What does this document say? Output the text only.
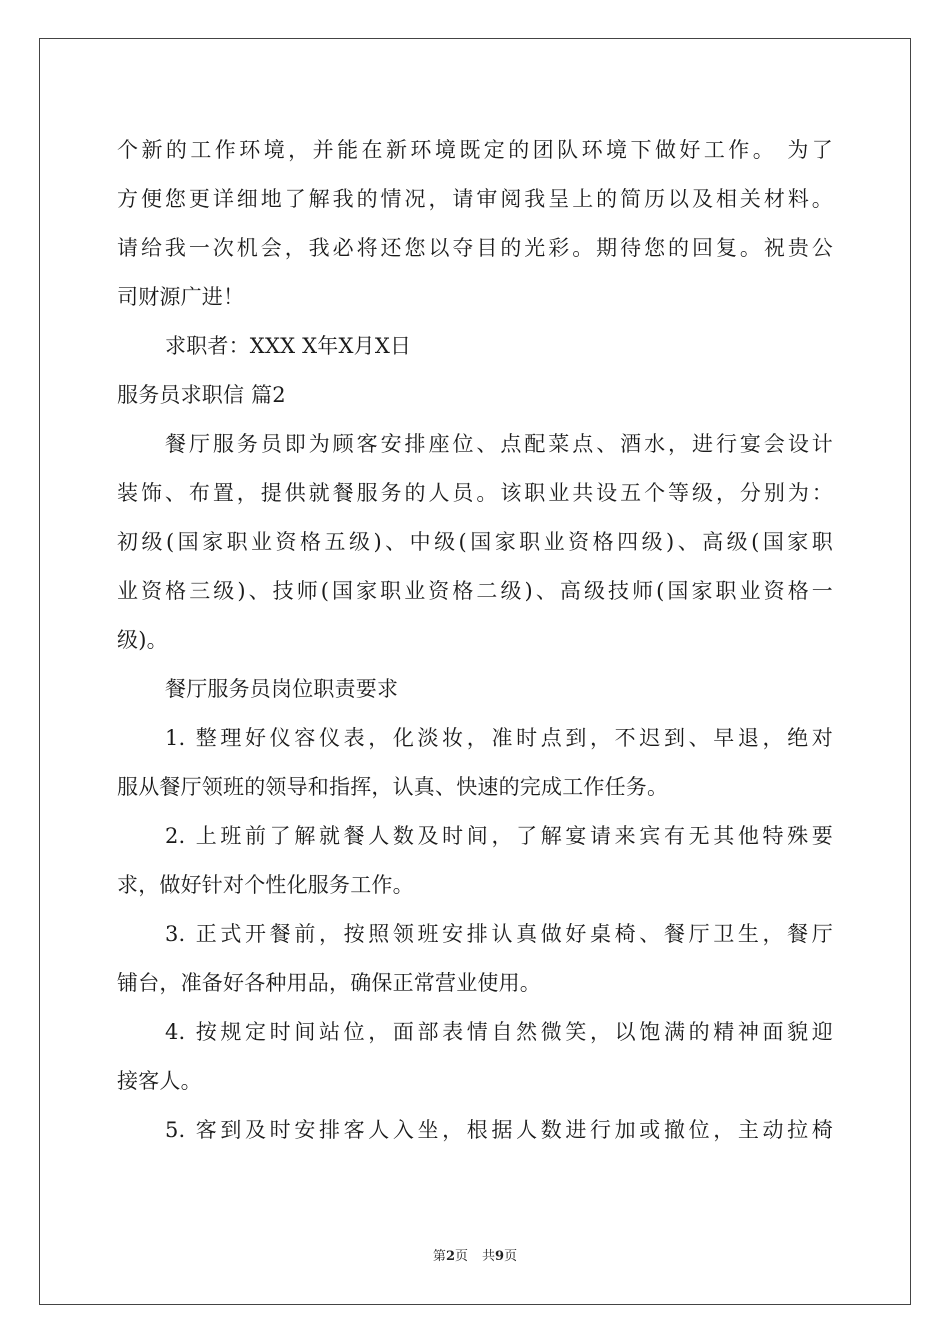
个新的工作环境，并能在新环境既定的团队环境下做好工作。 为了
方便您更详细地了解我的情况，请审阅我呈上的简历以及相关材料。
请给我一次机会，我必将还您以夺目的光彩。期待您的回复。祝贵公
司财源广进！
求职者：XXX X年X月X日
服务员求职信 篇2
餐厅服务员即为顾客安排座位、点配菜点、酒水，进行宴会设计
装饰、布置，提供就餐服务的人员。该职业共设五个等级，分别为：
初级(国家职业资格五级)、中级(国家职业资格四级)、高级(国家职
业资格三级)、技师(国家职业资格二级)、高级技师(国家职业资格一
级)。
餐厅服务员岗位职责要求
1. 整理好仪容仪表，化淡妆，准时点到，不迟到、早退，绝对
服从餐厅领班的领导和指挥，认真、快速的完成工作任务。
2. 上班前了解就餐人数及时间，了解宴请来宾有无其他特殊要
求，做好针对个性化服务工作。
3. 正式开餐前，按照领班安排认真做好桌椅、餐厅卫生，餐厅
铺台，准备好各种用品，确保正常营业使用。
4. 按规定时间站位，面部表情自然微笑，以饱满的精神面貌迎
接客人。
5. 客到及时安排客人入坐，根据人数进行加或撤位，主动拉椅
第2页 共9页
